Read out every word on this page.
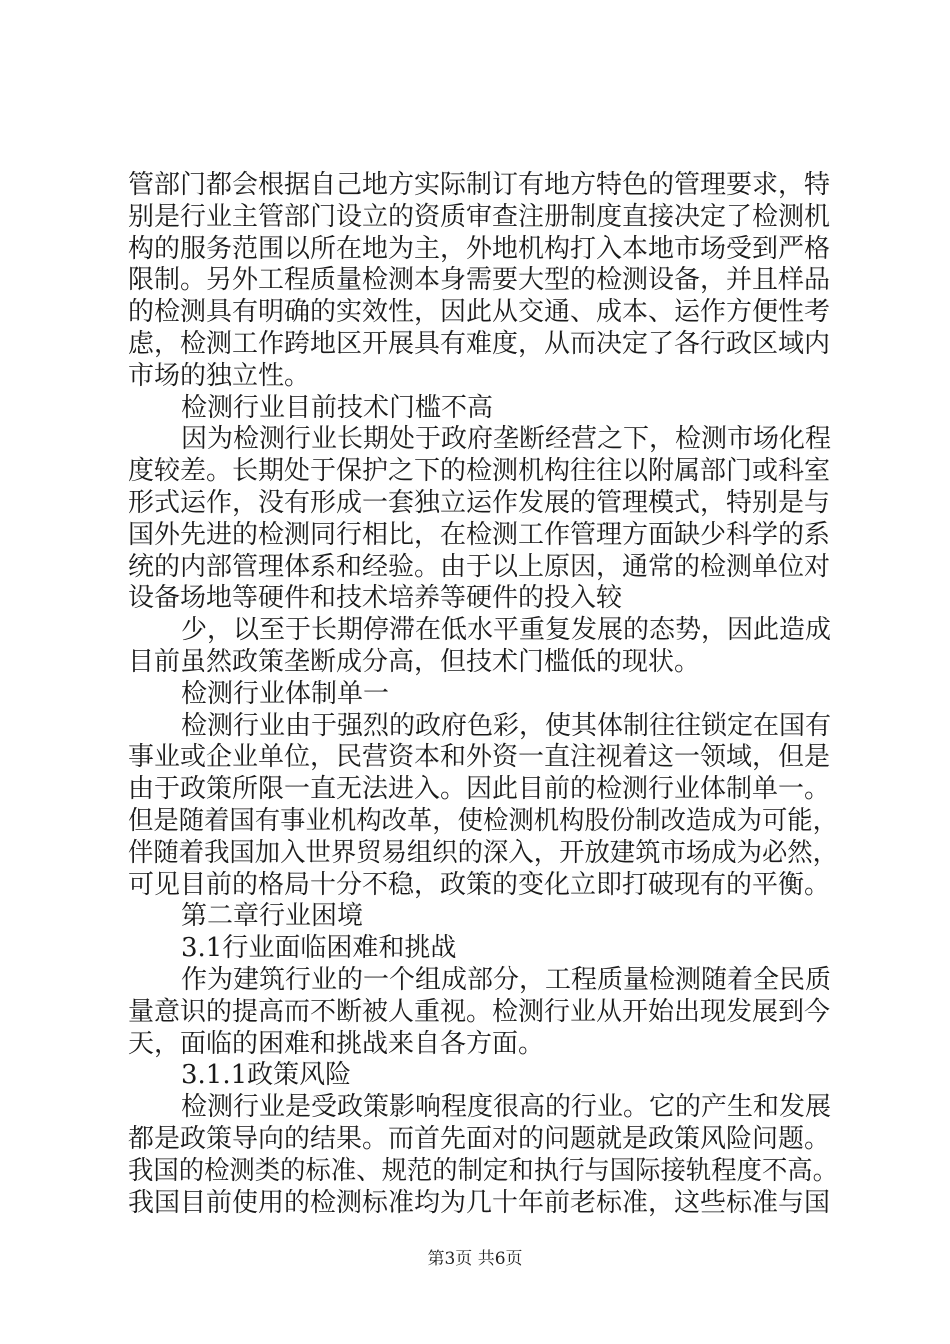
管部门都会根据自己地方实际制订有地方特色的管理要求，特
别是行业主管部门设立的资质审查注册制度直接决定了检测机
构的服务范围以所在地为主，外地机构打入本地市场受到严格
限制。另外工程质量检测本身需要大型的检测设备，并且样品
的检测具有明确的实效性，因此从交通、成本、运作方便性考
虑，检测工作跨地区开展具有难度，从而决定了各行政区域内
市场的独立性。
检测行业目前技术门槛不高
因为检测行业长期处于政府垄断经营之下，检测市场化程
度较差。长期处于保护之下的检测机构往往以附属部门或科室
形式运作，没有形成一套独立运作发展的管理模式，特别是与
国外先进的检测同行相比，在检测工作管理方面缺少科学的系
统的内部管理体系和经验。由于以上原因，通常的检测单位对
设备场地等硬件和技术培养等硬件的投入较
少，以至于长期停滞在低水平重复发展的态势，因此造成
目前虽然政策垄断成分高，但技术门槛低的现状。
检测行业体制单一
检测行业由于强烈的政府色彩，使其体制往往锁定在国有
事业或企业单位，民营资本和外资一直注视着这一领域，但是
由于政策所限一直无法进入。因此目前的检测行业体制单一。
但是随着国有事业机构改革，使检测机构股份制改造成为可能，
伴随着我国加入世界贸易组织的深入，开放建筑市场成为必然，
可见目前的格局十分不稳，政策的变化立即打破现有的平衡。
第二章行业困境
3.1行业面临困难和挑战
作为建筑行业的一个组成部分，工程质量检测随着全民质
量意识的提高而不断被人重视。检测行业从开始出现发展到今
天，面临的困难和挑战来自各方面。
3.1.1政策风险
检测行业是受政策影响程度很高的行业。它的产生和发展
都是政策导向的结果。而首先面对的问题就是政策风险问题。
我国的检测类的标准、规范的制定和执行与国际接轨程度不高。
我国目前使用的检测标准均为几十年前老标准，这些标准与国
第3页 共6页
